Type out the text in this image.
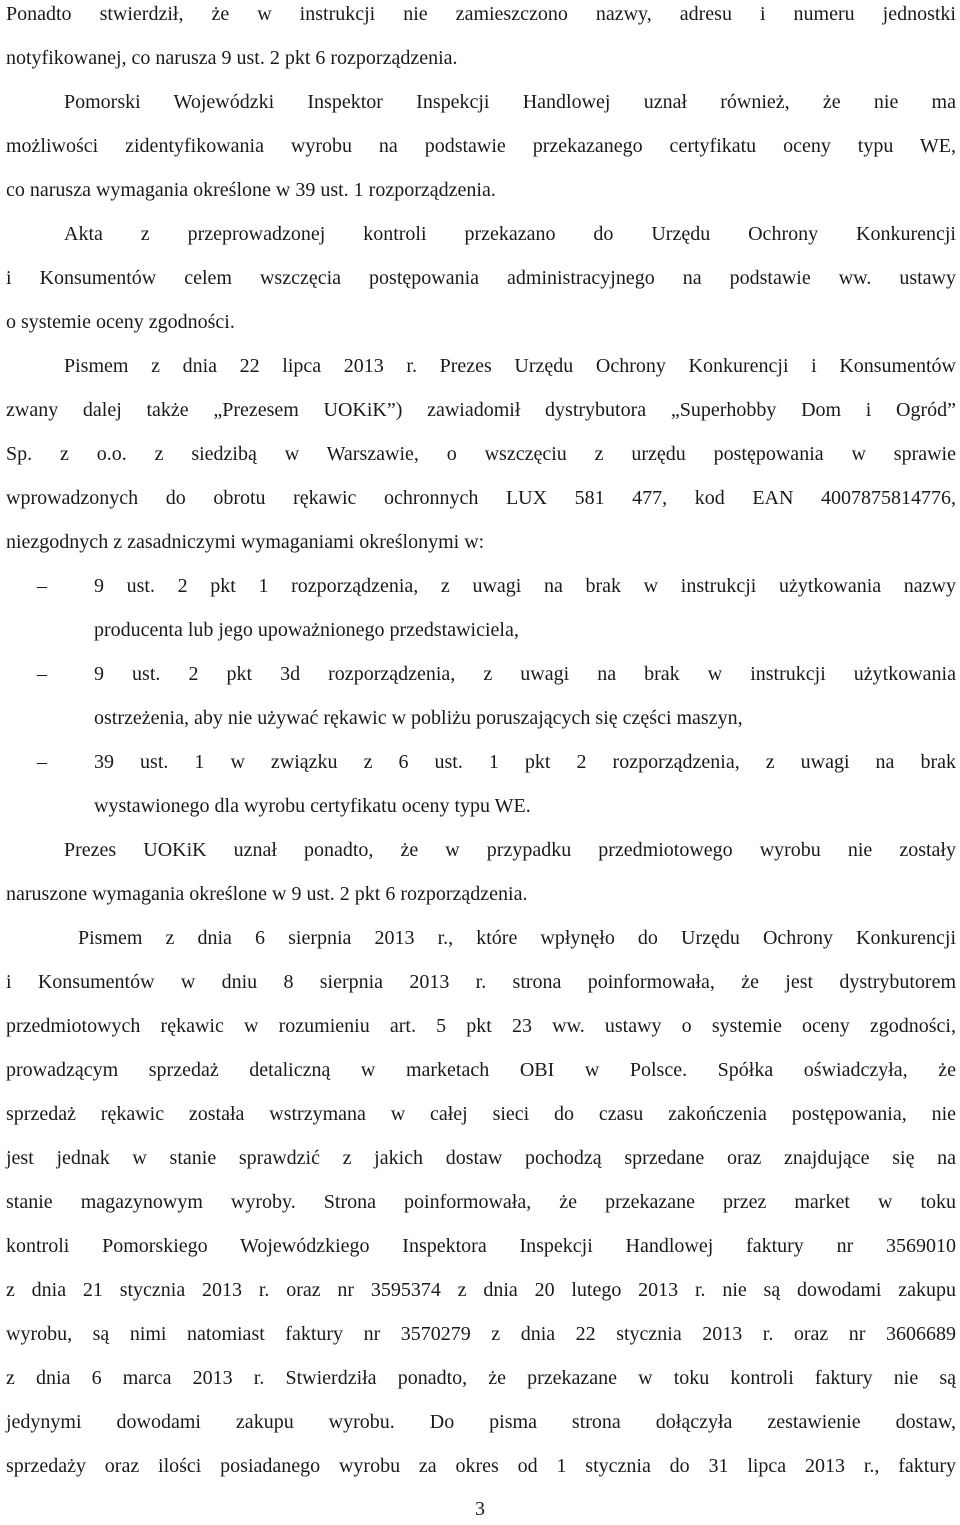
Ponadto stwierdził, że w instrukcji nie zamieszczono nazwy, adresu i numeru jednostki
notyfikowanej, co narusza 9 ust. 2 pkt 6 rozporządzenia.
Pomorski Wojewódzki Inspektor Inspekcji Handlowej uznał również, że nie ma
możliwości zidentyfikowania wyrobu na podstawie przekazanego certyfikatu oceny typu WE,
co narusza wymagania określone w 39 ust. 1 rozporządzenia.
Akta z przeprowadzonej kontroli przekazano do Urzędu Ochrony Konkurencji
i Konsumentów celem wszczęcia postępowania administracyjnego na podstawie ww. ustawy
o systemie oceny zgodności.
Pismem z dnia 22 lipca 2013 r. Prezes Urzędu Ochrony Konkurencji i Konsumentów
zwany dalej także „Prezesem UOKiK”) zawiadomił dystrybutora „Superhobby Dom i Ogród”
Sp. z o.o. z siedzibą w Warszawie, o wszczęciu z urzędu postępowania w sprawie
wprowadzonych do obrotu rękawic ochronnych LUX 581 477, kod EAN 4007875814776,
niezgodnych z zasadniczymi wymaganiami określonymi w:
–	9 ust. 2 pkt 1 rozporządzenia, z uwagi na brak w instrukcji użytkowania nazwy
producenta lub jego upoważnionego przedstawiciela,
–	9 ust. 2 pkt 3d rozporządzenia, z uwagi na brak w instrukcji użytkowania
ostrzeżenia, aby nie używać rękawic w pobliżu poruszających się części maszyn,
–	39 ust. 1 w związku z 6 ust. 1 pkt 2 rozporządzenia, z uwagi na brak
wystawionego dla wyrobu certyfikatu oceny typu WE.
Prezes UOKiK uznał ponadto, że w przypadku przedmiotowego wyrobu nie zostały
naruszone wymagania określone w 9 ust. 2 pkt 6 rozporządzenia.
Pismem z dnia 6 sierpnia 2013 r., które wpłynęło do Urzędu Ochrony Konkurencji
i Konsumentów w dniu 8 sierpnia 2013 r. strona poinformowała, że jest dystrybutorem
przedmiotowych rękawic w rozumieniu art. 5 pkt 23 ww. ustawy o systemie oceny zgodności,
prowadzącym sprzedaż detaliczną w marketach OBI w Polsce. Spółka oświadczyła, że
sprzedaż rękawic została wstrzymana w całej sieci do czasu zakończenia postępowania, nie
jest jednak w stanie sprawdzić z jakich dostaw pochodzą sprzedane oraz znajdujące się na
stanie magazynowym wyroby. Strona poinformowała, że przekazane przez market w toku
kontroli Pomorskiego Wojewódzkiego Inspektora Inspekcji Handlowej faktury nr 3569010
z dnia 21 stycznia 2013 r. oraz nr 3595374 z dnia 20 lutego 2013 r. nie są dowodami zakupu
wyrobu, są nimi natomiast faktury nr 3570279 z dnia 22 stycznia 2013 r. oraz nr 3606689
z dnia 6 marca 2013 r. Stwierdziła ponadto, że przekazane w toku kontroli faktury nie są
jedynymi dowodami zakupu wyrobu. Do pisma strona dołączyła zestawienie dostaw,
sprzedaży oraz ilości posiadanego wyrobu za okres od 1 stycznia do 31 lipca 2013 r., faktury
3
